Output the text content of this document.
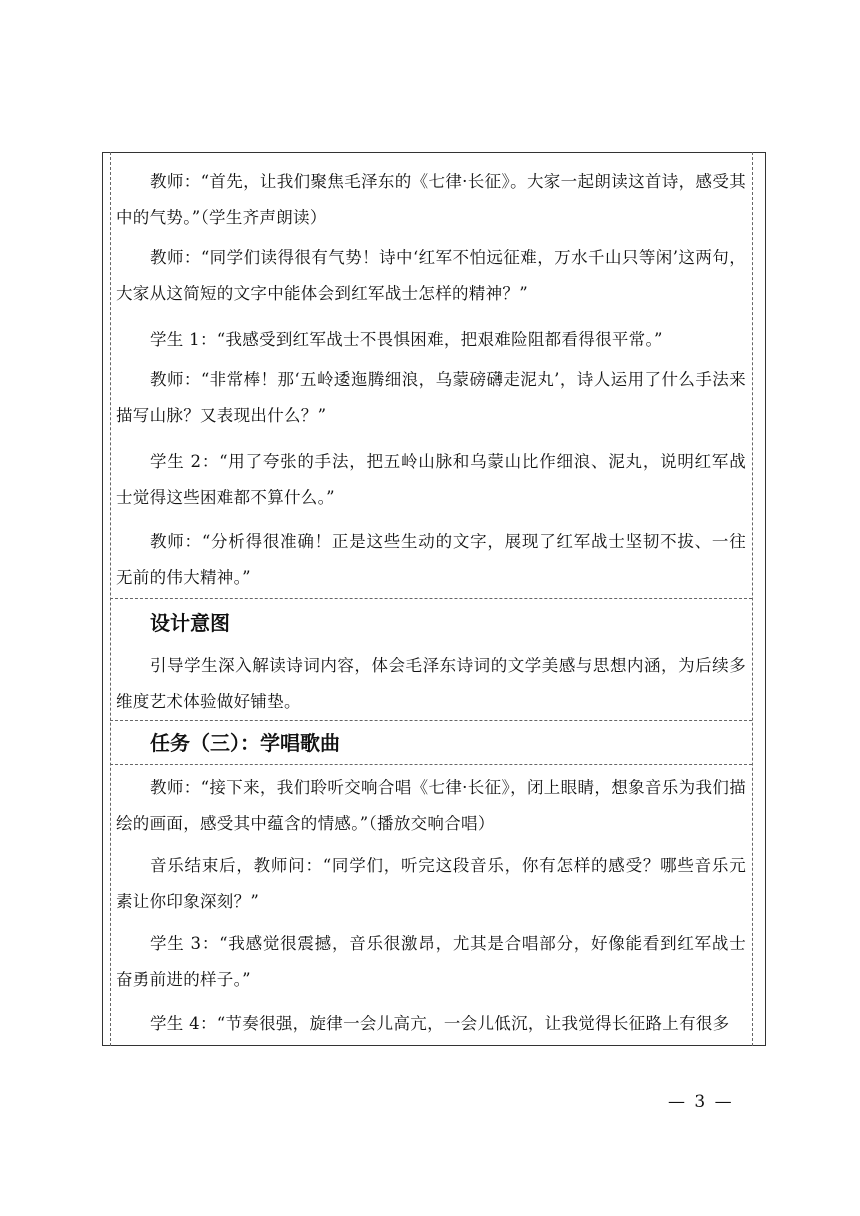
教师：“首先，让我们聚焦毛泽东的《七律·长征》。大家一起朗读这首诗，感受其中的气势。”（学生齐声朗读）

教师：“同学们读得很有气势！诗中‘红军不怕远征难，万水千山只等闲’这两句，大家从这简短的文字中能体会到红军战士怎样的精神？”

学生 1：“我感受到红军战士不畏惧困难，把艰难险阻都看得很平常。”

教师：“非常棒！那‘五岭逶迤腾细浪，乌蒙磅礴走泥丸’，诗人运用了什么手法来描写山脉？又表现出什么？”

学生 2：“用了夸张的手法，把五岭山脉和乌蒙山比作细浪、泥丸，说明红军战士觉得这些困难都不算什么。”

教师：“分析得很准确！正是这些生动的文字，展现了红军战士坚韧不拔、一往无前的伟大精神。”

设计意图

引导学生深入解读诗词内容，体会毛泽东诗词的文学美感与思想内涵，为后续多维度艺术体验做好铺垫。

任务（三）：学唱歌曲

教师：“接下来，我们聆听交响合唱《七律·长征》，闭上眼睛，想象音乐为我们描绘的画面，感受其中蕴含的情感。”（播放交响合唱）

音乐结束后，教师问：“同学们，听完这段音乐，你有怎样的感受？哪些音乐元素让你印象深刻？”

学生 3：“我感觉很震撼，音乐很激昂，尤其是合唱部分，好像能看到红军战士奋勇前进的样子。”

学生 4：“节奏很强，旋律一会儿高亢，一会儿低沉，让我觉得长征路上有很多

— 3 —
